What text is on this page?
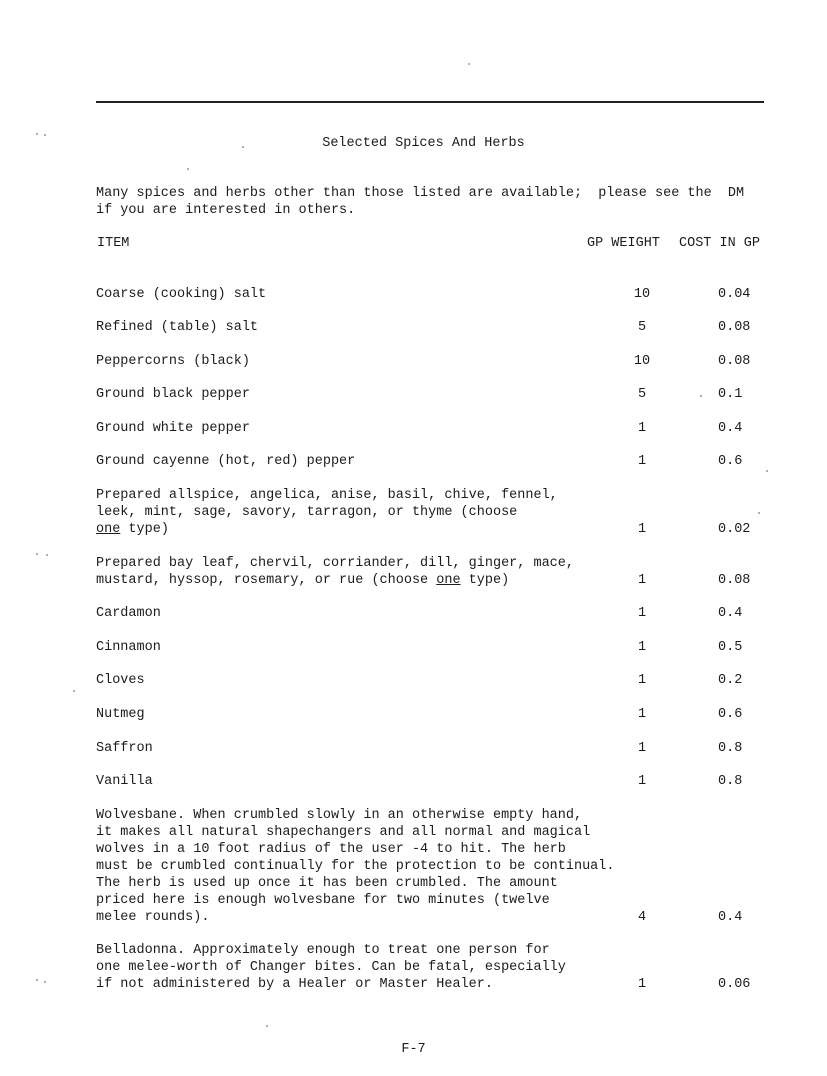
Selected Spices And Herbs
Many spices and herbs other than those listed are available;  please see the  DM
if you are interested in others.
ITEM	GP WEIGHT COST IN GP
Coarse (cooking) salt	10	0.04
Refined (table) salt	5	0.08
Peppercorns (black)	10	0.08
Ground black pepper	5	0.1
Ground white pepper	1	0.4
Ground cayenne (hot, red) pepper	1	0.6
Prepared allspice, angelica, anise, basil, chive, fennel,
leek, mint, sage, savory, tarragon, or thyme (choose
one type)	1	0.02
Prepared bay leaf, chervil, corriander, dill, ginger, mace,
mustard, hyssop, rosemary, or rue (choose one type)	1	0.08
Cardamon	1	0.4
Cinnamon	1	0.5
Cloves	1	0.2
Nutmeg	1	0.6
Saffron	1	0.8
Vanilla	1	0.8
Wolvesbane. When crumbled slowly in an otherwise empty hand,
it makes all natural shapechangers and all normal and magical
wolves in a 10 foot radius of the user -4 to hit. The herb
must be crumbled continually for the protection to be continual.
The herb is used up once it has been crumbled. The amount
priced here is enough wolvesbane for two minutes (twelve
melee rounds).	4	0.4
Belladonna. Approximately enough to treat one person for
one melee-worth of Changer bites. Can be fatal, especially
if not administered by a Healer or Master Healer.	1	0.06
F-7
